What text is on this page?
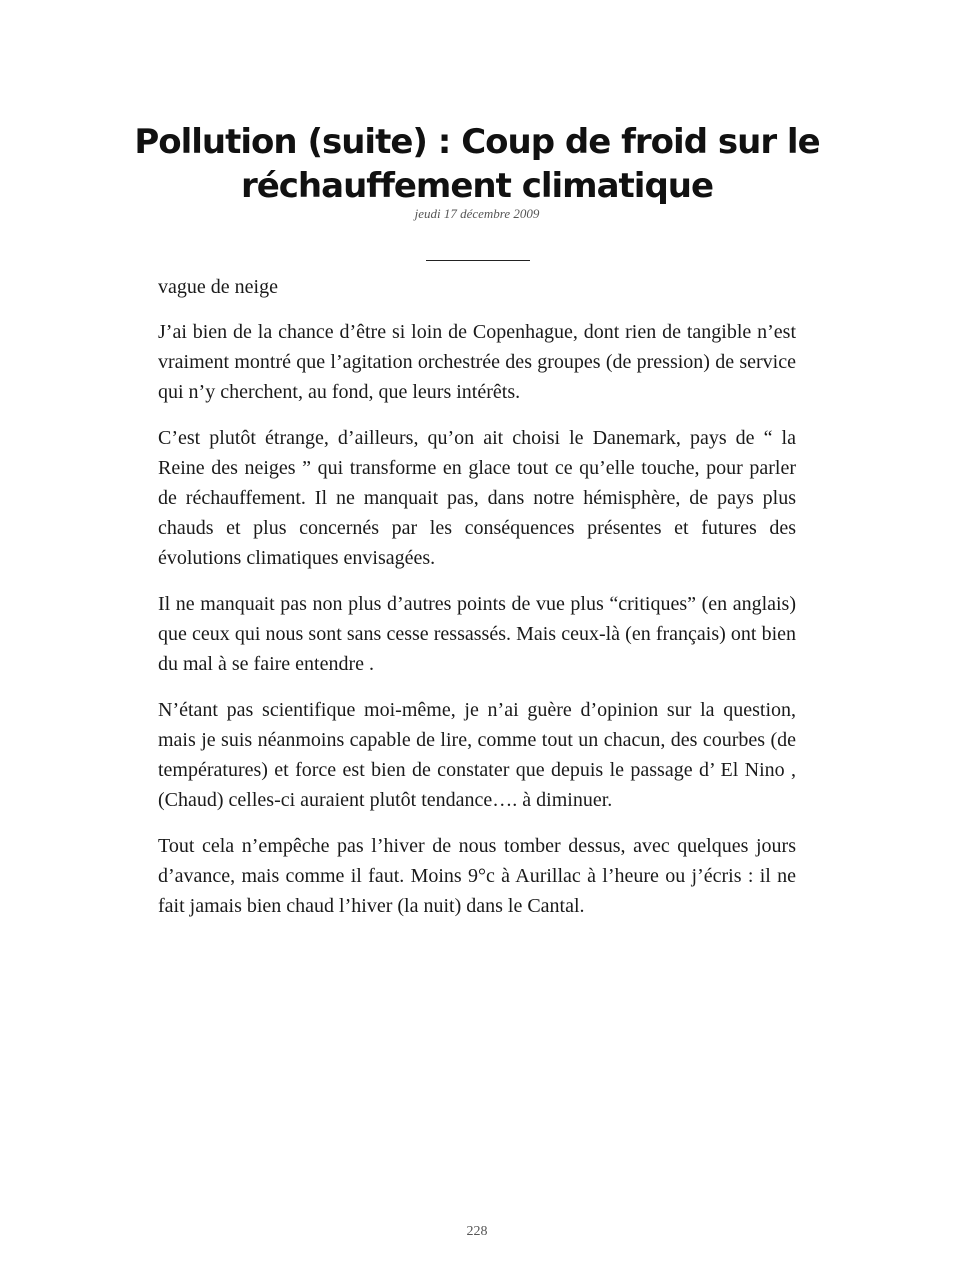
Pollution (suite) : Coup de froid sur le réchauffement climatique
jeudi 17 décembre 2009

vague de neige

J’ai bien de la chance d’être si loin de Copenhague, dont rien de tangible n’est vraiment montré que l’agitation orchestrée des groupes (de pression) de service qui n’y cherchent, au fond, que leurs intérêts.

C’est plutôt étrange, d’ailleurs, qu’on ait choisi le Danemark, pays de “ la Reine des neiges ” qui transforme en glace tout ce qu’elle touche, pour parler de réchauffement. Il ne manquait pas, dans notre hémisphère, de pays plus chauds et plus concernés par les conséquences présentes et futures des évolutions climatiques envisagées.

Il ne manquait pas non plus d’autres points de vue plus “critiques” (en anglais) que ceux qui nous sont sans cesse ressassés. Mais ceux-là (en français) ont bien du mal à se faire entendre .

N’étant pas scientifique moi-même, je n’ai guère d’opinion sur la question, mais je suis néanmoins capable de lire, comme tout un chacun, des courbes (de températures) et force est bien de constater que depuis le passage d’ El Nino , (Chaud) celles-ci auraient plutôt tendance…. à diminuer.

Tout cela n’empêche pas l’hiver de nous tomber dessus, avec quelques jours d’avance, mais comme il faut. Moins 9°c à Aurillac à l’heure ou j’écris : il ne fait jamais bien chaud l’hiver (la nuit) dans le Cantal.

228
